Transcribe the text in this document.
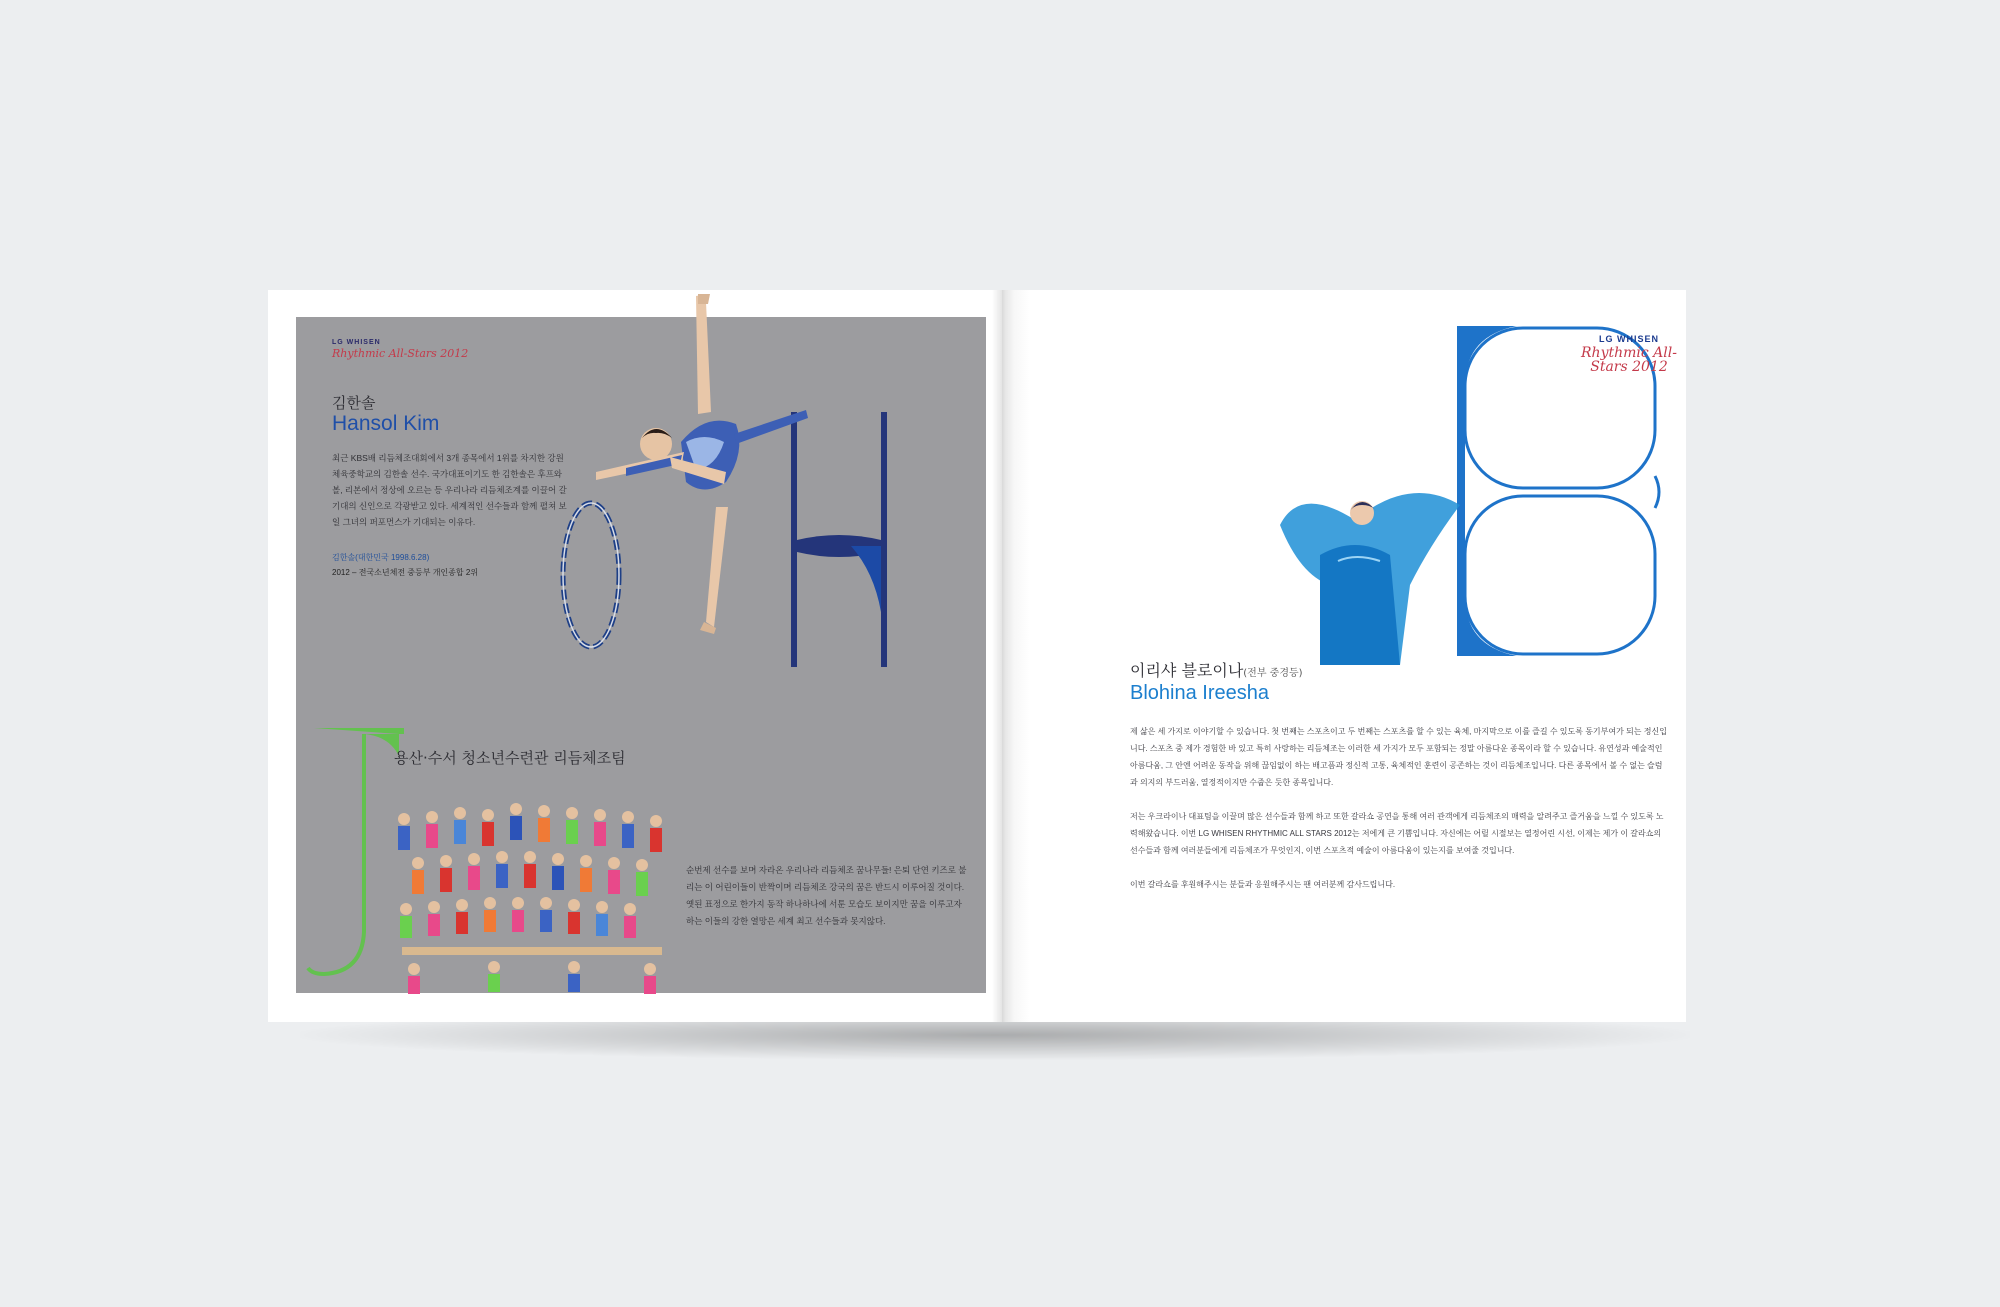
LG WHISEN
Rhythmic All-Stars 2012
김한솔
Hansol Kim
최근 KBS배 리듬체조대회에서 3개 종목에서 1위를 차지한 강원체육중학교의 김한솔 선수. 국가대표이기도 한 김한솔은 후프와 볼, 리본에서 정상에 오르는 등 우리나라 리듬체조계를 이끌어 갈 기대의 신인으로 각광받고 있다. 세계적인 선수들과 함께 펼쳐 보일 그녀의 퍼포먼스가 기대되는 이유다.
김한솔(대한민국 1998.6.28)
2012 – 전국소년체전 중등부 개인종합 2위
용산·수서 청소년수련관 리듬체조팀
순번제 선수를 보며 자라온 우리나라 리듬체조 꿈나무들! 은퇴 단연 키즈로 불리는 이 어린이들이 반짝이며 리듬체조 강국의 꿈은 반드시 이루어질 것이다. 옛된 표정으로 한가지 동작 하나하나에 서툰 모습도 보이지만 꿈을 이루고자 하는 이들의 강한 열망은 세계 최고 선수들과 못지않다.
LG WHISEN
Rhythmic All-Stars 2012
이리샤 블로이나(전부 중경등)
Blohina Ireesha

제 삶은 세 가지로 이야기할 수 있습니다. 첫 번째는 스포츠이고 두 번째는 스포츠를 할 수 있는 육체, 마지막으로 이를 즐길 수 있도록 동기부여가 되는 정신입니다. 스포츠 중 제가 경험한 바 있고 특히 사랑하는 리듬체조는 이러한 세 가지가 모두 포함되는 정말 아름다운 종목이라 할 수 있습니다. 유연성과 예술적인 아름다움, 그 안엔 어려운 동작을 위해 끊임없이 하는 배고픔과 정신적 고통, 육체적인 훈련이 공존하는 것이 리듬체조입니다. 다른 종목에서 볼 수 없는 슬럼과 의지의 부드러움, 열정적이지만 수줍은 듯한 종목입니다.

저는 우크라이나 대표팀을 이끌며 많은 선수들과 함께 하고 또한 갈라쇼 공연을 통해 여러 관객에게 리듬체조의 매력을 알려주고 즐거움을 느낄 수 있도록 노력해왔습니다. 이번 LG WHISEN RHYTHMIC ALL STARS 2012는 저에게 큰 기쁨입니다. 자신에는 어릴 시절보는 열정어린 시선, 이제는 제가 이 갈라쇼의 선수들과 함께 여러분들에게 리듬체조가 무엇인지, 이번 스포츠적 예술이 아름다움이 있는지를 보여줄 것입니다.

이번 갈라쇼를 후원해주시는 분들과 응원해주시는 팬 여러분께 감사드립니다.
